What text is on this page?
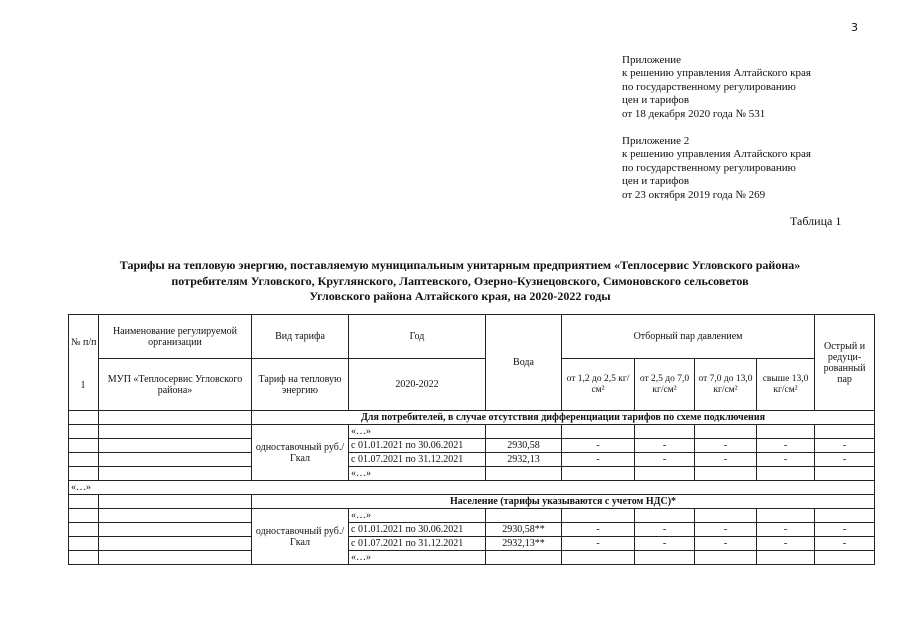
3
Приложение
к решению управления Алтайского края
по государственному регулированию
цен и тарифов
от 18 декабря 2020 года № 531
Приложение 2
к решению управления Алтайского края
по государственному регулированию
цен и тарифов
от 23 октября 2019 года № 269
Таблица 1
Тарифы на тепловую энергию, поставляемую муниципальным унитарным предприятием «Теплосервис Угловского района»
потребителям Угловского, Круглянского, Лаптевского, Озерно-Кузнецовского, Симоновского сельсоветов
Угловского района Алтайского края, на 2020-2022 годы
№ п/п	Наименование регулируемой организации	Вид тарифа	Год	Вода	Отборный пар давлением				Острый и редуци-рованный пар
	МУП «Теплосервис Угловского района»	Тариф на тепловую энергию	2020-2022		от 1,2 до 2,5 кг/см²	от 2,5 до 7,0 кг/см²	от 7,0 до 13,0 кг/см²	свыше 13,0 кг/см²	
		Для потребителей, в случае отсутствия дифференциации тарифов по схеме подключения							
		одноставочный руб./Гкал	«…»						
			с 01.01.2021 по 30.06.2021	2930,58	-	-	-	-	-
			с 01.07.2021 по 31.12.2021	2932,13	-	-	-	-	-
			«…»						
«…»									
		Население (тарифы указываются с учетом НДС)*							
		одноставочный руб./Гкал	«…»						
			с 01.01.2021 по 30.06.2021	2930,58**	-	-	-	-	-
			с 01.07.2021 по 31.12.2021	2932,13**	-	-	-	-	-
			«…»						
1
